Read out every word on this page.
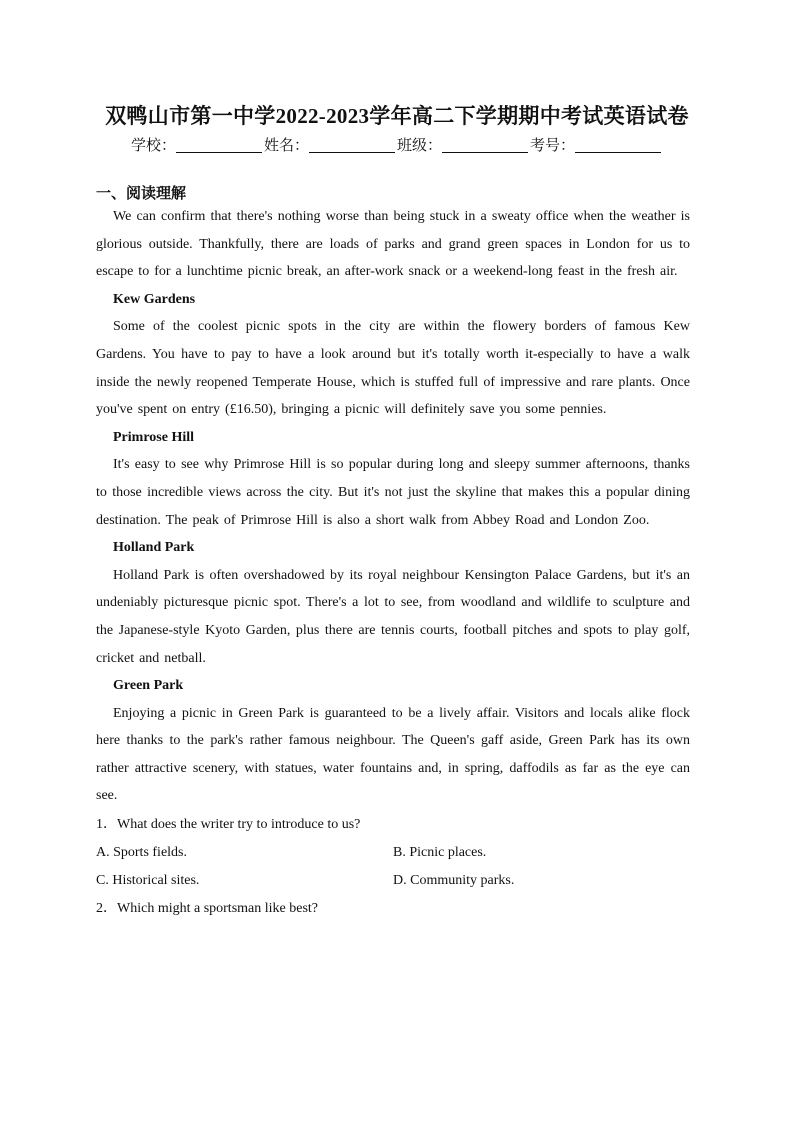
双鸭山市第一中学2022-2023学年高二下学期期中考试英语试卷
学校：	姓名：	班级：	考号：
一、阅读理解

We can confirm that there's nothing worse than being stuck in a sweaty office when the weather is glorious outside. Thankfully, there are loads of parks and grand green spaces in London for us to escape to for a lunchtime picnic break, an after-work snack or a weekend-long feast in the fresh air.

Kew Gardens

Some of the coolest picnic spots in the city are within the flowery borders of famous Kew Gardens. You have to pay to have a look around but it's totally worth it-especially to have a walk inside the newly reopened Temperate House, which is stuffed full of impressive and rare plants. Once you've spent on entry (£16.50), bringing a picnic will definitely save you some pennies.

Primrose Hill

It's easy to see why Primrose Hill is so popular during long and sleepy summer afternoons, thanks to those incredible views across the city. But it's not just the skyline that makes this a popular dining destination. The peak of Primrose Hill is also a short walk from Abbey Road and London Zoo.

Holland Park

Holland Park is often overshadowed by its royal neighbour Kensington Palace Gardens, but it's an undeniably picturesque picnic spot. There's a lot to see, from woodland and wildlife to sculpture and the Japanese-style Kyoto Garden, plus there are tennis courts, football pitches and spots to play golf, cricket and netball.

Green Park

Enjoying a picnic in Green Park is guaranteed to be a lively affair. Visitors and locals alike flock here thanks to the park's rather famous neighbour. The Queen's gaff aside, Green Park has its own rather attractive scenery, with statues, water fountains and, in spring, daffodils as far as the eye can see.

1．What does the writer try to introduce to us?

A. Sports fields.	B. Picnic places.
C. Historical sites.	D. Community parks.

2．Which might a sportsman like best?
